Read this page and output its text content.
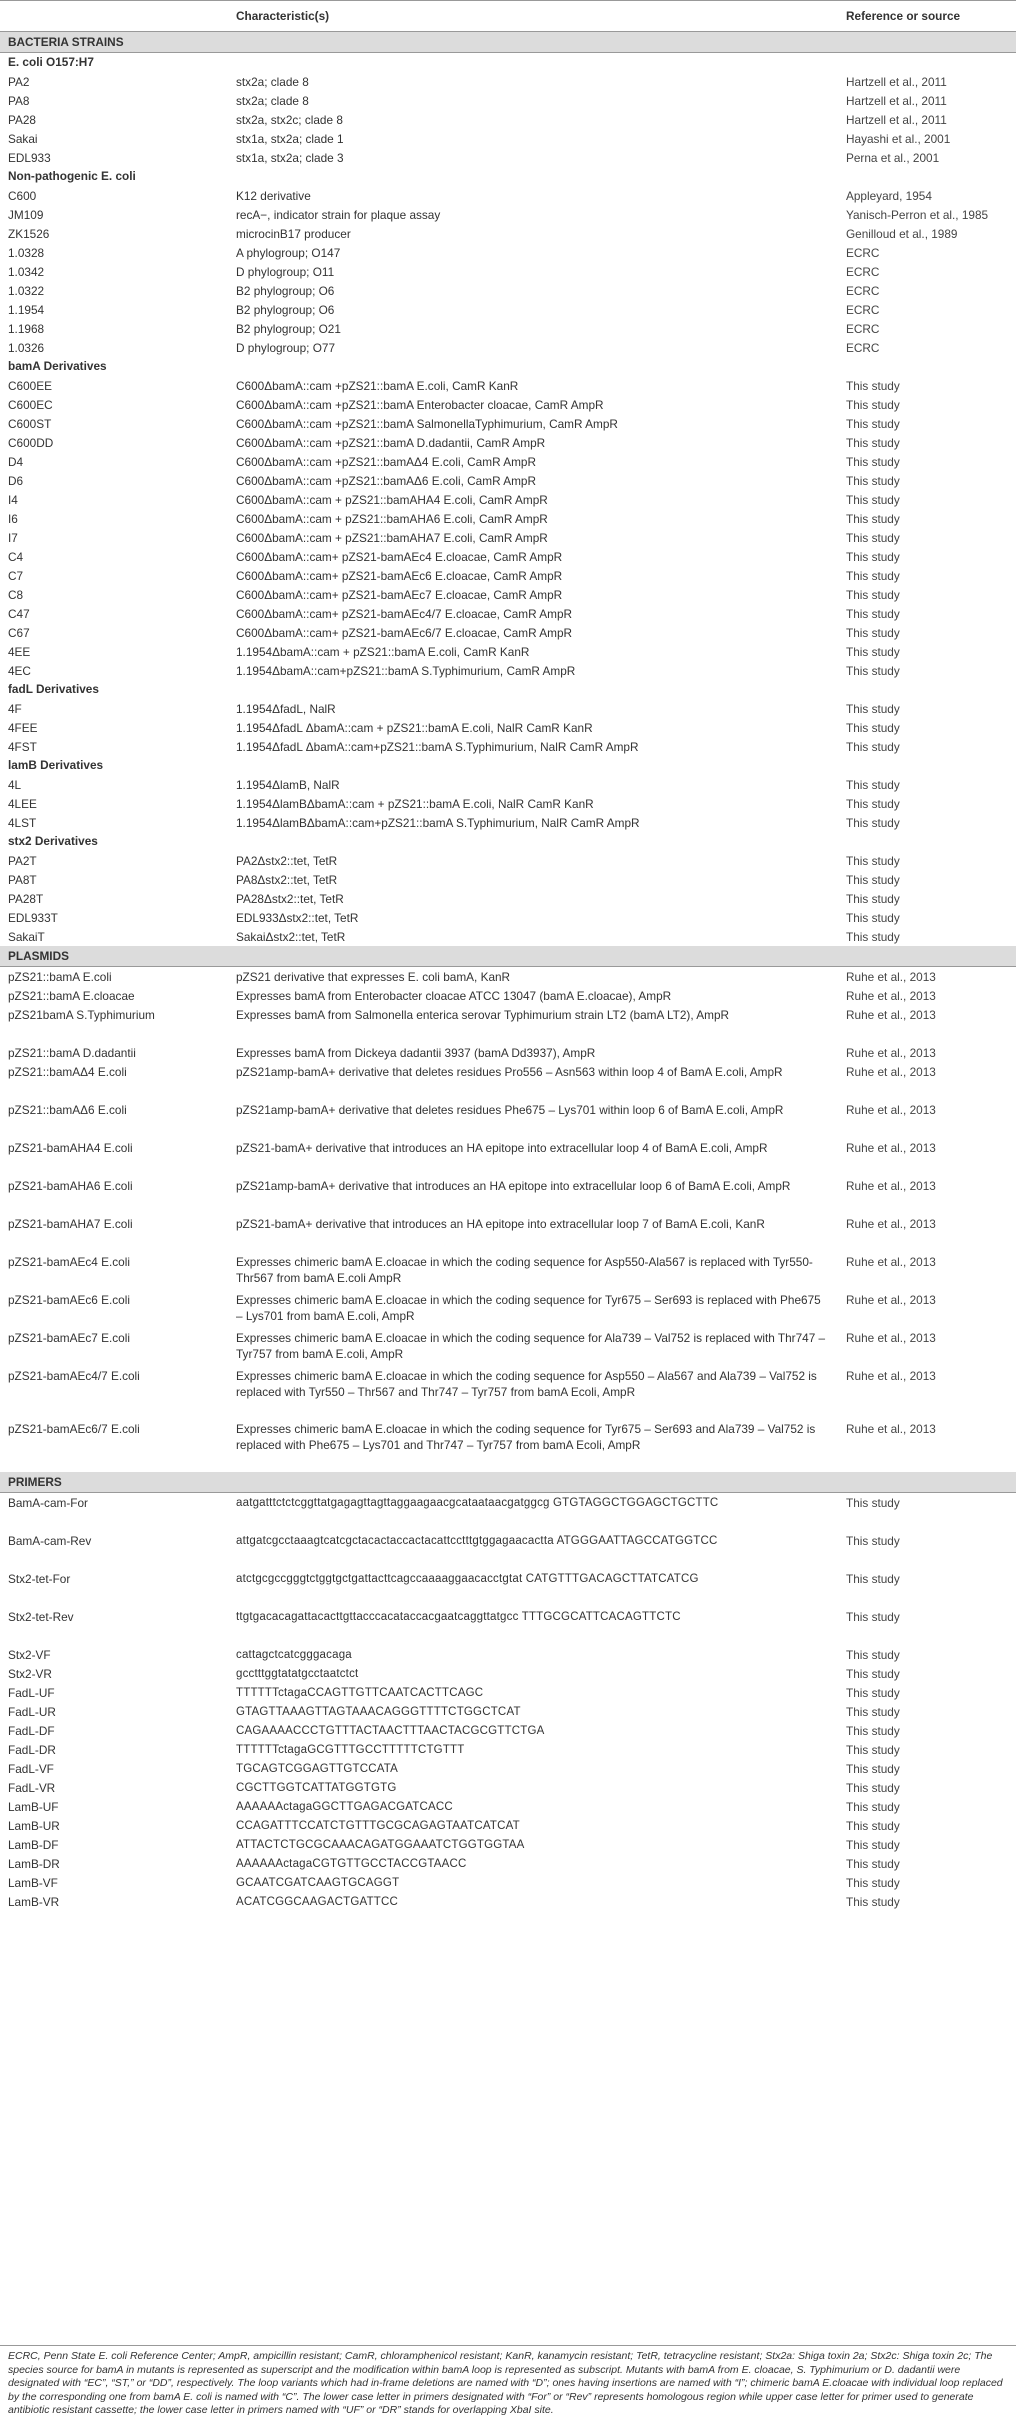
	Characteristic(s)	Reference or source
BACTERIA STRAINS		
E. coli O157:H7		
PA2	stx2a; clade 8	Hartzell et al., 2011
PA8	stx2a; clade 8	Hartzell et al., 2011
PA28	stx2a, stx2c; clade 8	Hartzell et al., 2011
Sakai	stx1a, stx2a; clade 1	Hayashi et al., 2001
EDL933	stx1a, stx2a; clade 3	Perna et al., 2001
Non-pathogenic E. coli		
C600	K12 derivative	Appleyard, 1954
JM109	recA−, indicator strain for plaque assay	Yanisch-Perron et al., 1985
ZK1526	microcinB17 producer	Genilloud et al., 1989
1.0328	A phylogroup; O147	ECRC
1.0342	D phylogroup; O11	ECRC
1.0322	B2 phylogroup; O6	ECRC
1.1954	B2 phylogroup; O6	ECRC
1.1968	B2 phylogroup; O21	ECRC
1.0326	D phylogroup; O77	ECRC
bamA Derivatives		
C600EE	C600ΔbamA::cam +pZS21::bamA E.coli, CamR KanR	This study
C600EC	C600ΔbamA::cam +pZS21::bamA Enterobacter cloacae, CamR AmpR	This study
C600ST	C600ΔbamA::cam +pZS21::bamA SalmonellaTyphimurium, CamR AmpR	This study
C600DD	C600ΔbamA::cam +pZS21::bamA D.dadantii, CamR AmpR	This study
D4	C600ΔbamA::cam +pZS21::bamAΔ4 E.coli, CamR AmpR	This study
D6	C600ΔbamA::cam +pZS21::bamAΔ6 E.coli, CamR AmpR	This study
I4	C600ΔbamA::cam + pZS21::bamAHA4 E.coli, CamR AmpR	This study
I6	C600ΔbamA::cam + pZS21::bamAHA6 E.coli, CamR AmpR	This study
I7	C600ΔbamA::cam + pZS21::bamAHA7 E.coli, CamR AmpR	This study
C4	C600ΔbamA::cam+ pZS21-bamAEc4 E.cloacae, CamR AmpR	This study
C7	C600ΔbamA::cam+ pZS21-bamAEc6 E.cloacae, CamR AmpR	This study
C8	C600ΔbamA::cam+ pZS21-bamAEc7 E.cloacae, CamR AmpR	This study
C47	C600ΔbamA::cam+ pZS21-bamAEc4/7 E.cloacae, CamR AmpR	This study
C67	C600ΔbamA::cam+ pZS21-bamAEc6/7 E.cloacae, CamR AmpR	This study
4EE	1.1954ΔbamA::cam + pZS21::bamA E.coli, CamR KanR	This study
4EC	1.1954ΔbamA::cam+pZS21::bamA S.Typhimurium, CamR AmpR	This study
fadL Derivatives		
4F	1.1954ΔfadL, NalR	This study
4FEE	1.1954ΔfadL ΔbamA::cam + pZS21::bamA E.coli, NalR CamR KanR	This study
4FST	1.1954ΔfadL ΔbamA::cam+pZS21::bamA S.Typhimurium, NalR CamR AmpR	This study
lamB Derivatives		
4L	1.1954ΔlamB, NalR	This study
4LEE	1.1954ΔlamBΔbamA::cam + pZS21::bamA E.coli, NalR CamR KanR	This study
4LST	1.1954ΔlamBΔbamA::cam+pZS21::bamA S.Typhimurium, NalR CamR AmpR	This study
stx2 Derivatives		
PA2T	PA2Δstx2::tet, TetR	This study
PA8T	PA8Δstx2::tet, TetR	This study
PA28T	PA28Δstx2::tet, TetR	This study
EDL933T	EDL933Δstx2::tet, TetR	This study
SakaiT	SakaiΔstx2::tet, TetR	This study
PLASMIDS		
pZS21::bamA E.coli	pZS21 derivative that expresses E. coli bamA, KanR	Ruhe et al., 2013
pZS21::bamA E.cloacae	Expresses bamA from Enterobacter cloacae ATCC 13047 (bamA E.cloacae), AmpR	Ruhe et al., 2013
pZS21bamA S.Typhimurium	Expresses bamA from Salmonella enterica serovar Typhimurium strain LT2 (bamA LT2), AmpR	Ruhe et al., 2013
pZS21::bamA D.dadantii	Expresses bamA from Dickeya dadantii 3937 (bamA Dd3937), AmpR	Ruhe et al., 2013
pZS21::bamAΔ4 E.coli	pZS21amp-bamA+ derivative that deletes residues Pro556 – Asn563 within loop 4 of BamA E.coli, AmpR	Ruhe et al., 2013
pZS21::bamAΔ6 E.coli	pZS21amp-bamA+ derivative that deletes residues Phe675 – Lys701 within loop 6 of BamA E.coli, AmpR	Ruhe et al., 2013
pZS21-bamAHA4 E.coli	pZS21-bamA+ derivative that introduces an HA epitope into extracellular loop 4 of BamA E.coli, AmpR	Ruhe et al., 2013
pZS21-bamAHA6 E.coli	pZS21amp-bamA+ derivative that introduces an HA epitope into extracellular loop 6 of BamA E.coli, AmpR	Ruhe et al., 2013
pZS21-bamAHA7 E.coli	pZS21-bamA+ derivative that introduces an HA epitope into extracellular loop 7 of BamA E.coli, KanR	Ruhe et al., 2013
pZS21-bamAEc4 E.coli	Expresses chimeric bamA E.cloacae in which the coding sequence for Asp550-Ala567 is replaced with Tyr550-Thr567 from bamA E.coli AmpR	Ruhe et al., 2013
pZS21-bamAEc6 E.coli	Expresses chimeric bamA E.cloacae in which the coding sequence for Tyr675 – Ser693 is replaced with Phe675 – Lys701 from bamA E.coli, AmpR	Ruhe et al., 2013
pZS21-bamAEc7 E.coli	Expresses chimeric bamA E.cloacae in which the coding sequence for Ala739 – Val752 is replaced with Thr747 – Tyr757 from bamA E.coli, AmpR	Ruhe et al., 2013
pZS21-bamAEc4/7 E.coli	Expresses chimeric bamA E.cloacae in which the coding sequence for Asp550 – Ala567 and Ala739 – Val752 is replaced with Tyr550 – Thr567 and Thr747 – Tyr757 from bamA Ecoli, AmpR	Ruhe et al., 2013
pZS21-bamAEc6/7 E.coli	Expresses chimeric bamA E.cloacae in which the coding sequence for Tyr675 – Ser693 and Ala739 – Val752 is replaced with Phe675 – Lys701 and Thr747 – Tyr757 from bamA Ecoli, AmpR	Ruhe et al., 2013
PRIMERS		
BamA-cam-For	aatgatttctctcggttatgagagttagttaggaagaacgcataataacgatggcg GTGTAGGCTGGAGCTGCTTC	This study
BamA-cam-Rev	attgatcgcctaaagtcatcgctacactaccactacattcctttgtggagaacactta ATGGGAATTAGCCATGGTCC	This study
Stx2-tet-For	atctgcgccgggtctggtgctgattacttcagccaaaaggaacacctgtat CATGTTTGACAGCTTATCATCG	This study
Stx2-tet-Rev	ttgtgacacagattacacttgttacccacataccacgaatcaggttatgcc TTTGCGCATTCACAGTTCTC	This study
Stx2-VF	cattagctcatcgggacaga	This study
Stx2-VR	gcctttggtatatgcctaatctct	This study
FadL-UF	TTTTTTctagaCCAGTTGTTCAATCACTTCAGC	This study
FadL-UR	GTAGTTAAAGTTAGTAAACAGGGTTTTCTGGCTCAT	This study
FadL-DF	CAGAAAACCCTGTTTACTAACTTTAACTACGCGTTCTGA	This study
FadL-DR	TTTTTTctagaGCGTTTGCCTTTTTCTGTTT	This study
FadL-VF	TGCAGTCGGAGTTGTCCATA	This study
FadL-VR	CGCTTGGTCATTATGGTGTG	This study
LamB-UF	AAAAAActagaGGCTTGAGACGATCACC	This study
LamB-UR	CCAGATTTCCATCTGTTTGCGCAGAGTAATCATCAT	This study
LamB-DF	ATTACTCTGCGCAAACAGATGGAAATCTGGTGGTAA	This study
LamB-DR	AAAAAActagaCGTGTTGCCTACCGTAACC	This study
LamB-VF	GCAATCGATCAAGTGCAGGT	This study
LamB-VR	ACATCGGCAAGACTGATTCC	This study
ECRC, Penn State E. coli Reference Center; AmpR, ampicillin resistant; CamR, chloramphenicol resistant; KanR, kanamycin resistant; TetR, tetracycline resistant; Stx2a: Shiga toxin 2a; Stx2c: Shiga toxin 2c; The species source for bamA in mutants is represented as superscript and the modification within bamA loop is represented as subscript. Mutants with bamA from E. cloacae, S. Typhimurium or D. dadantii were designated with “EC”, “ST,” or “DD”, respectively. The loop variants which had in-frame deletions are named with “D”; ones having insertions are named with “I”; chimeric bamA E.cloacae with individual loop replaced by the corresponding one from bamA E. coli is named with “C”. The lower case letter in primers designated with “For” or “Rev” represents homologous region while upper case letter for primer used to generate antibiotic resistant cassette; the lower case letter in primers named with “UF” or “DR” stands for overlapping XbaI site.
